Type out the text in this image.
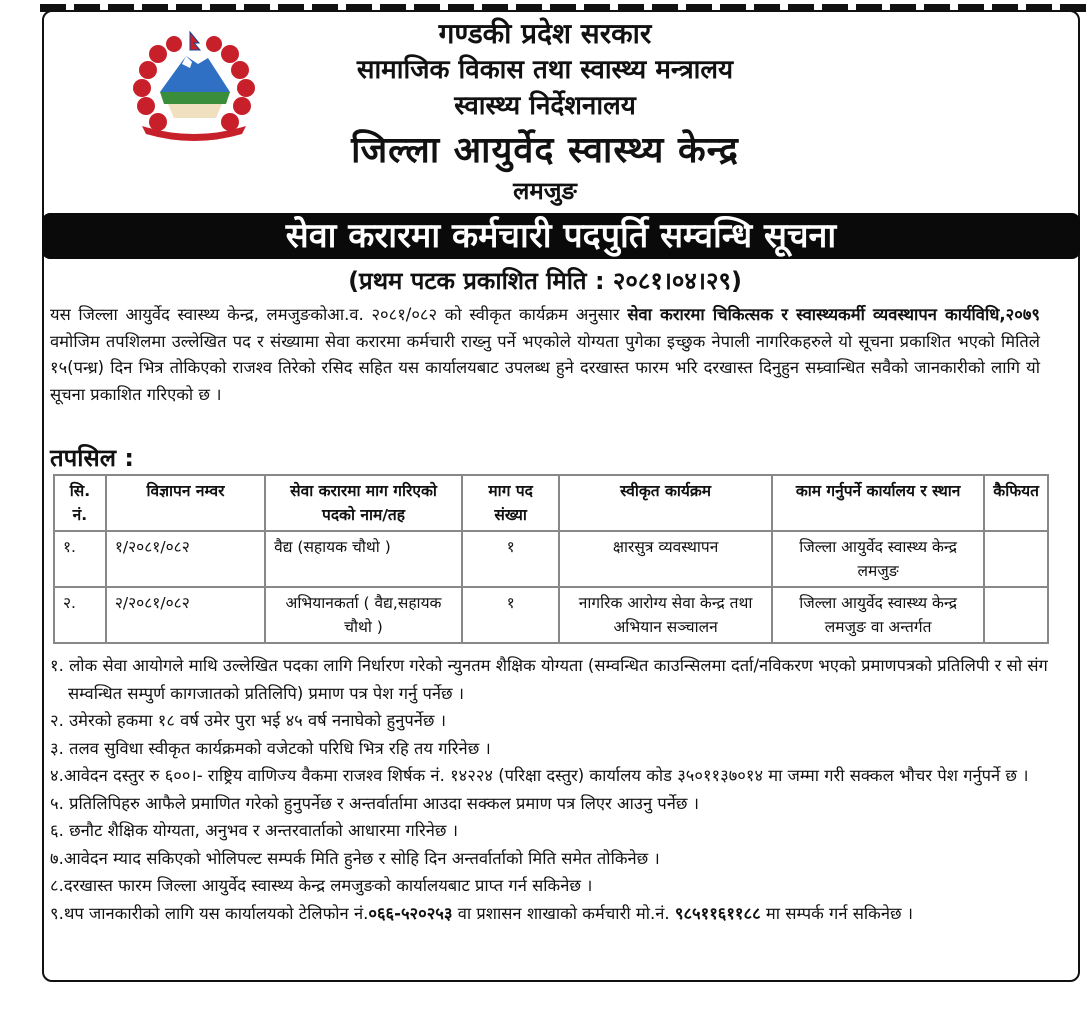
गण्डकी प्रदेश सरकार
सामाजिक विकास तथा स्वास्थ्य मन्त्रालय
स्वास्थ्य निर्देशनालय
जिल्ला आयुर्वेद स्वास्थ्य केन्द्र
लमजुङ
सेवा करारमा कर्मचारी पदपुर्ति सम्वन्धि सूचना
(प्रथम पटक प्रकाशित मिति : २०८१।०४।२९)
यस जिल्ला आयुर्वेद स्वास्थ्य केन्द्र, लमजुङकोआ.व. २०८१/०८२ को स्वीकृत कार्यक्रम अनुसार सेवा करारमा चिकित्सक र स्वास्थ्यकर्मी व्यवस्थापन कार्यविधि,२०७९ वमोजिम तपशिलमा उल्लेखित पद र संख्यामा सेवा करारमा कर्मचारी राख्नु पर्ने भएकोले योग्यता पुगेका इच्छुक नेपाली नागरिकहरुले यो सूचना प्रकाशित भएको मितिले १५(पन्ध्र) दिन भित्र तोकिएको राजश्व तिरेको रसिद सहित यस कार्यालयबाट उपलब्ध हुने दरखास्त फारम भरि दरखास्त दिनुहुन सम्र्वान्धित सवैको जानकारीको लागि यो सूचना प्रकाशित गरिएको छ ।
तपसिल :
सि. नं.	विज्ञापन नम्वर	सेवा करारमा माग गरिएको पदको नाम/तह	माग पद संख्या	स्वीकृत कार्यक्रम	काम गर्नुपर्ने कार्यालय र स्थान	कैफियत
१.	१/२०८१/०८२	वैद्य (सहायक चौथो )	१	क्षारसुत्र व्यवस्थापन	जिल्ला आयुर्वेद स्वास्थ्य केन्द्र लमजुङ	
२.	२/२०८१/०८२	अभियानकर्ता ( वैद्य,सहायक चौथो )	१	नागरिक आरोग्य सेवा केन्द्र तथा अभियान सञ्चालन	जिल्ला आयुर्वेद स्वास्थ्य केन्द्र लमजुङ वा अन्तर्गत	
१. लोक सेवा आयोगले माथि उल्लेखित पदका लागि निर्धारण गरेको न्युनतम शैक्षिक योग्यता (सम्वन्धित काउन्सिलमा दर्ता/नविकरण भएको प्रमाणपत्रको प्रतिलिपी र सो संग सम्वन्धित सम्पुर्ण कागजातको प्रतिलिपि) प्रमाण पत्र पेश गर्नु पर्नेछ ।
२. उमेरको हकमा १८ वर्ष उमेर पुरा भई ४५ वर्ष ननाघेको हुनुपर्नेछ ।
३. तलव सुविधा स्वीकृत कार्यक्रमको वजेटको परिधि भित्र रहि तय गरिनेछ ।
४.आवेदन दस्तुर रु ६००।- राष्ट्रिय वाणिज्य वैकमा राजश्व शिर्षक नं. १४२२४ (परिक्षा दस्तुर) कार्यालय कोड ३५०११३७०१४ मा जम्मा गरी सक्कल भौचर पेश गर्नुपर्ने छ ।
५. प्रतिलिपिहरु आफैले प्रमाणित गरेको हुनुपर्नेछ र अन्तर्वार्तामा आउदा सक्कल प्रमाण पत्र लिएर आउनु पर्नेछ ।
६. छनौट शैक्षिक योग्यता, अनुभव र अन्तरवार्ताको आधारमा गरिनेछ ।
७.आवेदन म्याद सकिएको भोलिपल्ट सम्पर्क मिति हुनेछ र सोहि दिन अन्तर्वार्ताको मिति समेत तोकिनेछ ।
८.दरखास्त फारम जिल्ला आयुर्वेद स्वास्थ्य केन्द्र लमजुङको कार्यालयबाट प्राप्त गर्न सकिनेछ ।
९.थप जानकारीको लागि यस कार्यालयको टेलिफोन नं.०६६-५२०२५३ वा प्रशासन शाखाको कर्मचारी मो.नं. ९८५११६११८८ मा सम्पर्क गर्न सकिनेछ ।
